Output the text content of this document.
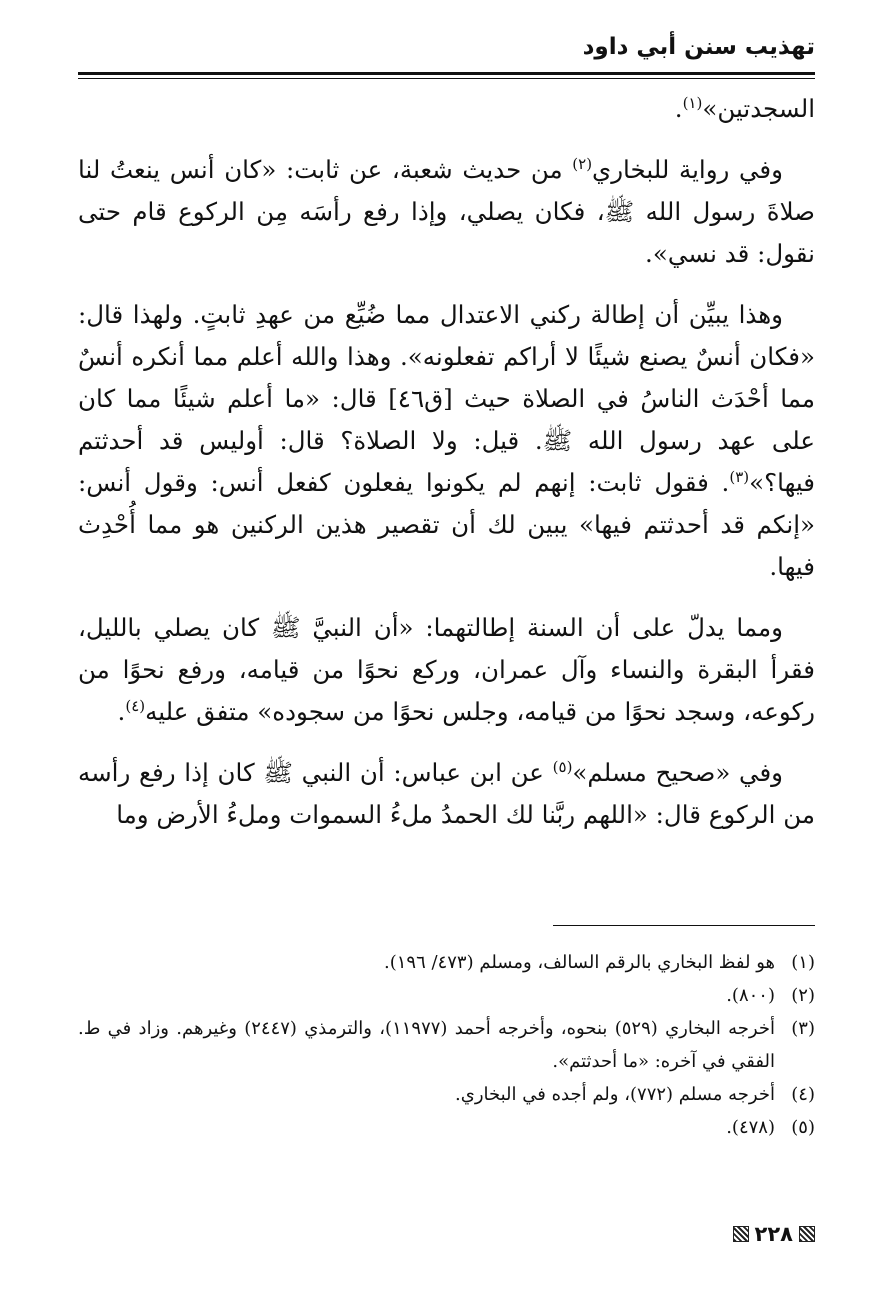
تهذيب سنن أبي داود

السجدتين»$^{(١)}$.

وفي رواية للبخاري$^{(٢)}$ من حديث شعبة، عن ثابت: «كان أنس ينعتُ لنا صلاةَ رسول الله ﷺ، فكان يصلي، وإذا رفع رأسَه مِن الركوع قام حتى نقول: قد نسي».

وهذا يبيِّن أن إطالة ركني الاعتدال مما ضُيِّع من عهدِ ثابتٍ. ولهذا قال: «فكان أنسٌ يصنع شيئًا لا أراكم تفعلونه». وهذا والله أعلم مما أنكره أنسٌ مما أحْدَث الناسُ في الصلاة حيث [ق٤٦] قال: «ما أعلم شيئًا مما كان على عهد رسول الله ﷺ. قيل: ولا الصلاة؟ قال: أوليس قد أحدثتم فيها؟»$^{(٣)}$. فقول ثابت: إنهم لم يكونوا يفعلون كفعل أنس: وقول أنس: «إنكم قد أحدثتم فيها» يبين لك أن تقصير هذين الركنين هو مما أُحْدِث فيها.

ومما يدلّ على أن السنة إطالتهما: «أن النبيَّ ﷺ كان يصلي بالليل، فقرأ البقرة والنساء وآل عمران، وركع نحوًا من قيامه، ورفع نحوًا من ركوعه، وسجد نحوًا من قيامه، وجلس نحوًا من سجوده» متفق عليه$^{(٤)}$.

وفي «صحيح مسلم»$^{(٥)}$ عن ابن عباس: أن النبي ﷺ كان إذا رفع رأسه من الركوع قال: «اللهم ربَّنا لك الحمدُ ملءُ السموات وملءُ الأرض وما

(١)
هو لفظ البخاري بالرقم السالف، ومسلم (٤٧٣/ ١٩٦).
(٢)
(٨٠٠).
(٣)
أخرجه البخاري (٥٢٩) بنحوه، وأخرجه أحمد (١١٩٧٧)، والترمذي (٢٤٤٧) وغيرهم. وزاد في ط. الفقي في آخره: «ما أحدثتم».
(٤)
أخرجه مسلم (٧٧٢)، ولم أجده في البخاري.
(٥)
(٤٧٨).
٢٢٨
